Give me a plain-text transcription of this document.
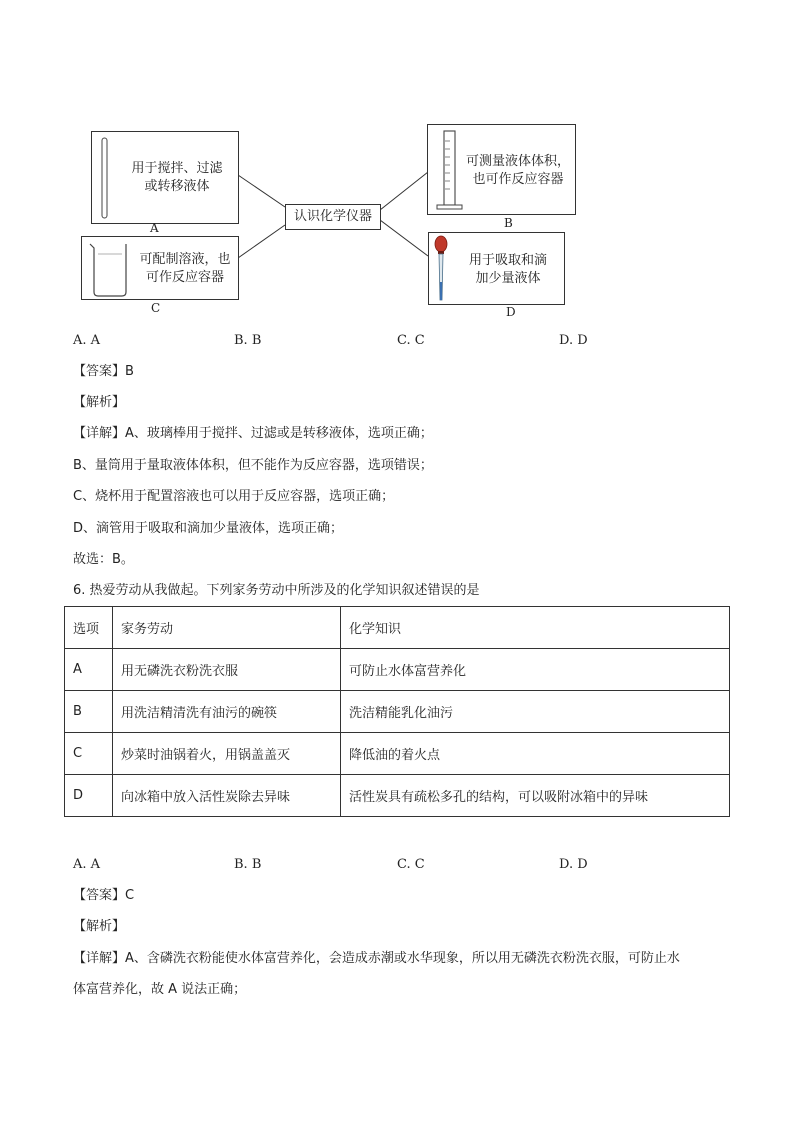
用于搅拌、过滤
或转移液体
A
可配制溶液，也
可作反应容器
C
认识化学仪器
可测量液体体积，
也可作反应容器
B
用于吸取和滴
加少量液体
D
A. A	B. B	C. C	D. D
【答案】B
【解析】
【详解】A、玻璃棒用于搅拌、过滤或是转移液体，选项正确；
B、量筒用于量取液体体积，但不能作为反应容器，选项错误；
C、烧杯用于配置溶液也可以用于反应容器，选项正确；
D、滴管用于吸取和滴加少量液体，选项正确；
故选：B。
6. 热爱劳动从我做起。下列家务劳动中所涉及的化学知识叙述错误的是
选项	家务劳动	化学知识
A	用无磷洗衣粉洗衣服	可防止水体富营养化
B	用洗洁精清洗有油污的碗筷	洗洁精能乳化油污
C	炒菜时油锅着火，用锅盖盖灭	降低油的着火点
D	向冰箱中放入活性炭除去异味	活性炭具有疏松多孔的结构，可以吸附冰箱中的异味
A. A	B. B	C. C	D. D
【答案】C
【解析】
【详解】A、含磷洗衣粉能使水体富营养化，会造成赤潮或水华现象，所以用无磷洗衣粉洗衣服，可防止水
体富营养化，故 A 说法正确；
